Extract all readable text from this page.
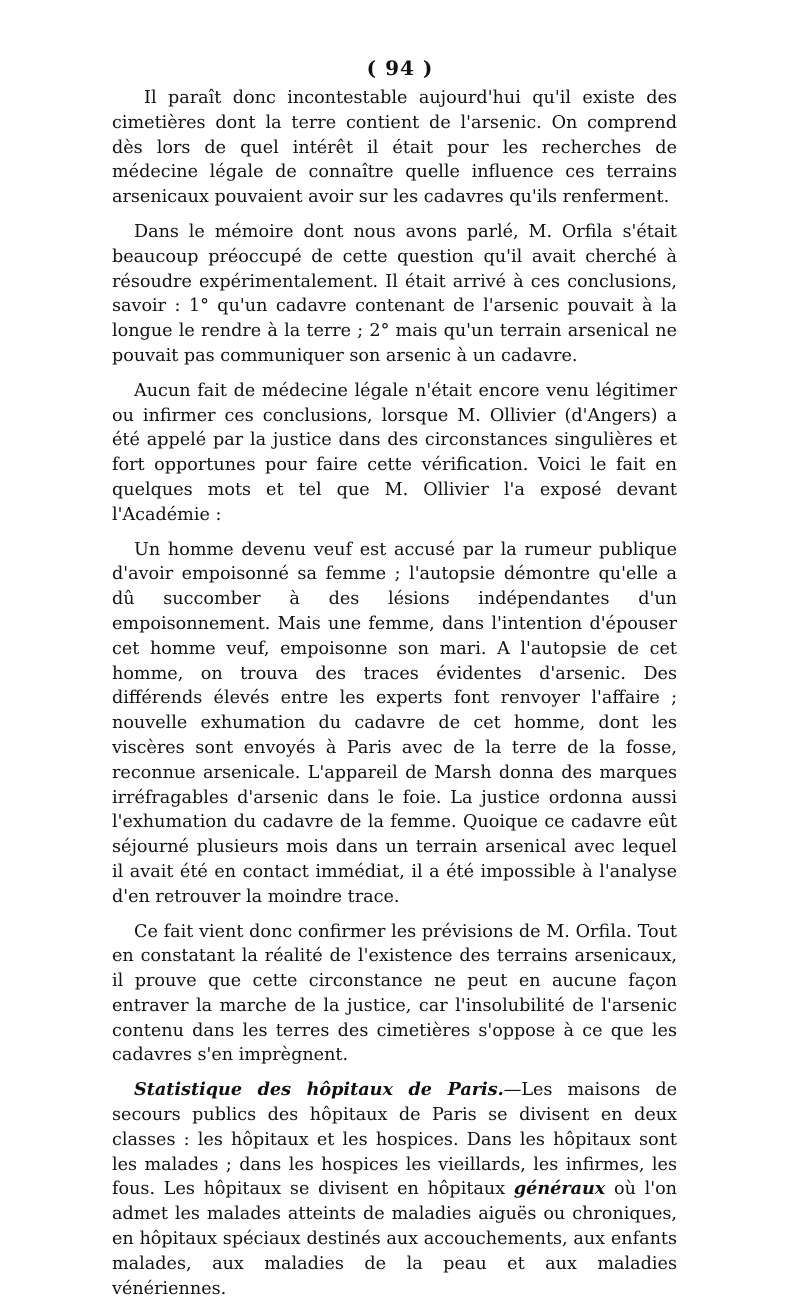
( 94 )

Il paraît donc incontestable aujourd'hui qu'il existe des cimetières dont la terre contient de l'arsenic. On comprend dès lors de quel intérêt il était pour les recherches de médecine légale de connaître quelle influence ces terrains arsenicaux pouvaient avoir sur les cadavres qu'ils renferment.

Dans le mémoire dont nous avons parlé, M. Orfila s'était beaucoup préoccupé de cette question qu'il avait cherché à résoudre expérimentalement. Il était arrivé à ces conclusions, savoir : 1° qu'un cadavre contenant de l'arsenic pouvait à la longue le rendre à la terre ; 2° mais qu'un terrain arsenical ne pouvait pas communiquer son arsenic à un cadavre.

Aucun fait de médecine légale n'était encore venu légitimer ou infirmer ces conclusions, lorsque M. Ollivier (d'Angers) a été appelé par la justice dans des circonstances singulières et fort opportunes pour faire cette vérification. Voici le fait en quelques mots et tel que M. Ollivier l'a exposé devant l'Académie :

Un homme devenu veuf est accusé par la rumeur publique d'avoir empoisonné sa femme ; l'autopsie démontre qu'elle a dû succomber à des lésions indépendantes d'un empoisonnement. Mais une femme, dans l'intention d'épouser cet homme veuf, empoisonne son mari. A l'autopsie de cet homme, on trouva des traces évidentes d'arsenic. Des différends élevés entre les experts font renvoyer l'affaire ; nouvelle exhumation du cadavre de cet homme, dont les viscères sont envoyés à Paris avec de la terre de la fosse, reconnue arsenicale. L'appareil de Marsh donna des marques irréfragables d'arsenic dans le foie. La justice ordonna aussi l'exhumation du cadavre de la femme. Quoique ce cadavre eût séjourné plusieurs mois dans un terrain arsenical avec lequel il avait été en contact immédiat, il a été impossible à l'analyse d'en retrouver la moindre trace.

Ce fait vient donc confirmer les prévisions de M. Orfila. Tout en constatant la réalité de l'existence des terrains arsenicaux, il prouve que cette circonstance ne peut en aucune façon entraver la marche de la justice, car l'insolubilité de l'arsenic contenu dans les terres des cimetières s'oppose à ce que les cadavres s'en imprègnent.

Statistique des hôpitaux de Paris.—Les maisons de secours publics des hôpitaux de Paris se divisent en deux classes : les hôpitaux et les hospices. Dans les hôpitaux sont les malades ; dans les hospices les vieillards, les infirmes, les fous. Les hôpitaux se divisent en hôpitaux généraux où l'on admet les malades atteints de maladies aiguës ou chroniques, en hôpitaux spéciaux destinés aux accouchements, aux enfants malades, aux maladies de la peau et aux maladies vénériennes.
